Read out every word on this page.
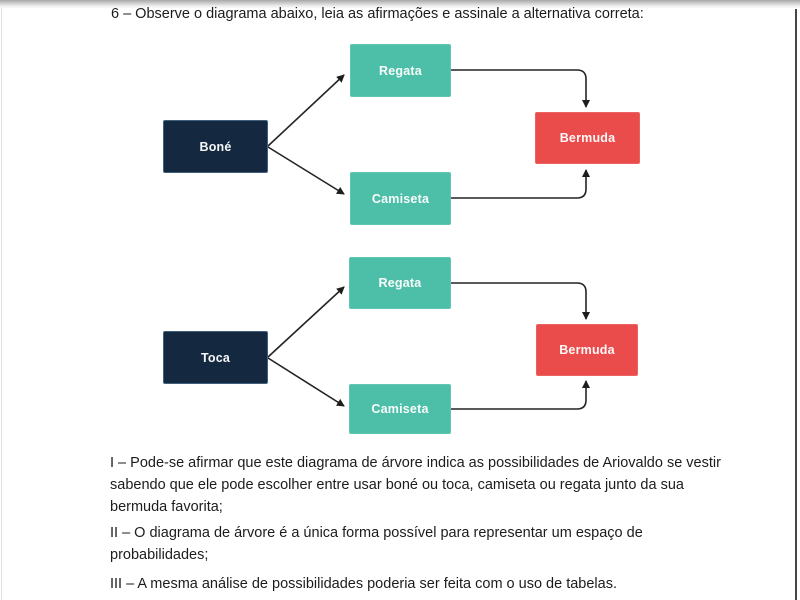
6 – Observe o diagrama abaixo, leia as afirmações e assinale a alternativa correta:
Boné
Regata
Camiseta
Bermuda
Toca
Regata
Camiseta
Bermuda
I – Pode-se afirmar que este diagrama de árvore indica as possibilidades de Ariovaldo se vestir
sabendo que ele pode escolher entre usar boné ou toca, camiseta ou regata junto da sua
bermuda favorita;
II – O diagrama de árvore é a única forma possível para representar um espaço de
probabilidades;
III – A mesma análise de possibilidades poderia ser feita com o uso de tabelas.
